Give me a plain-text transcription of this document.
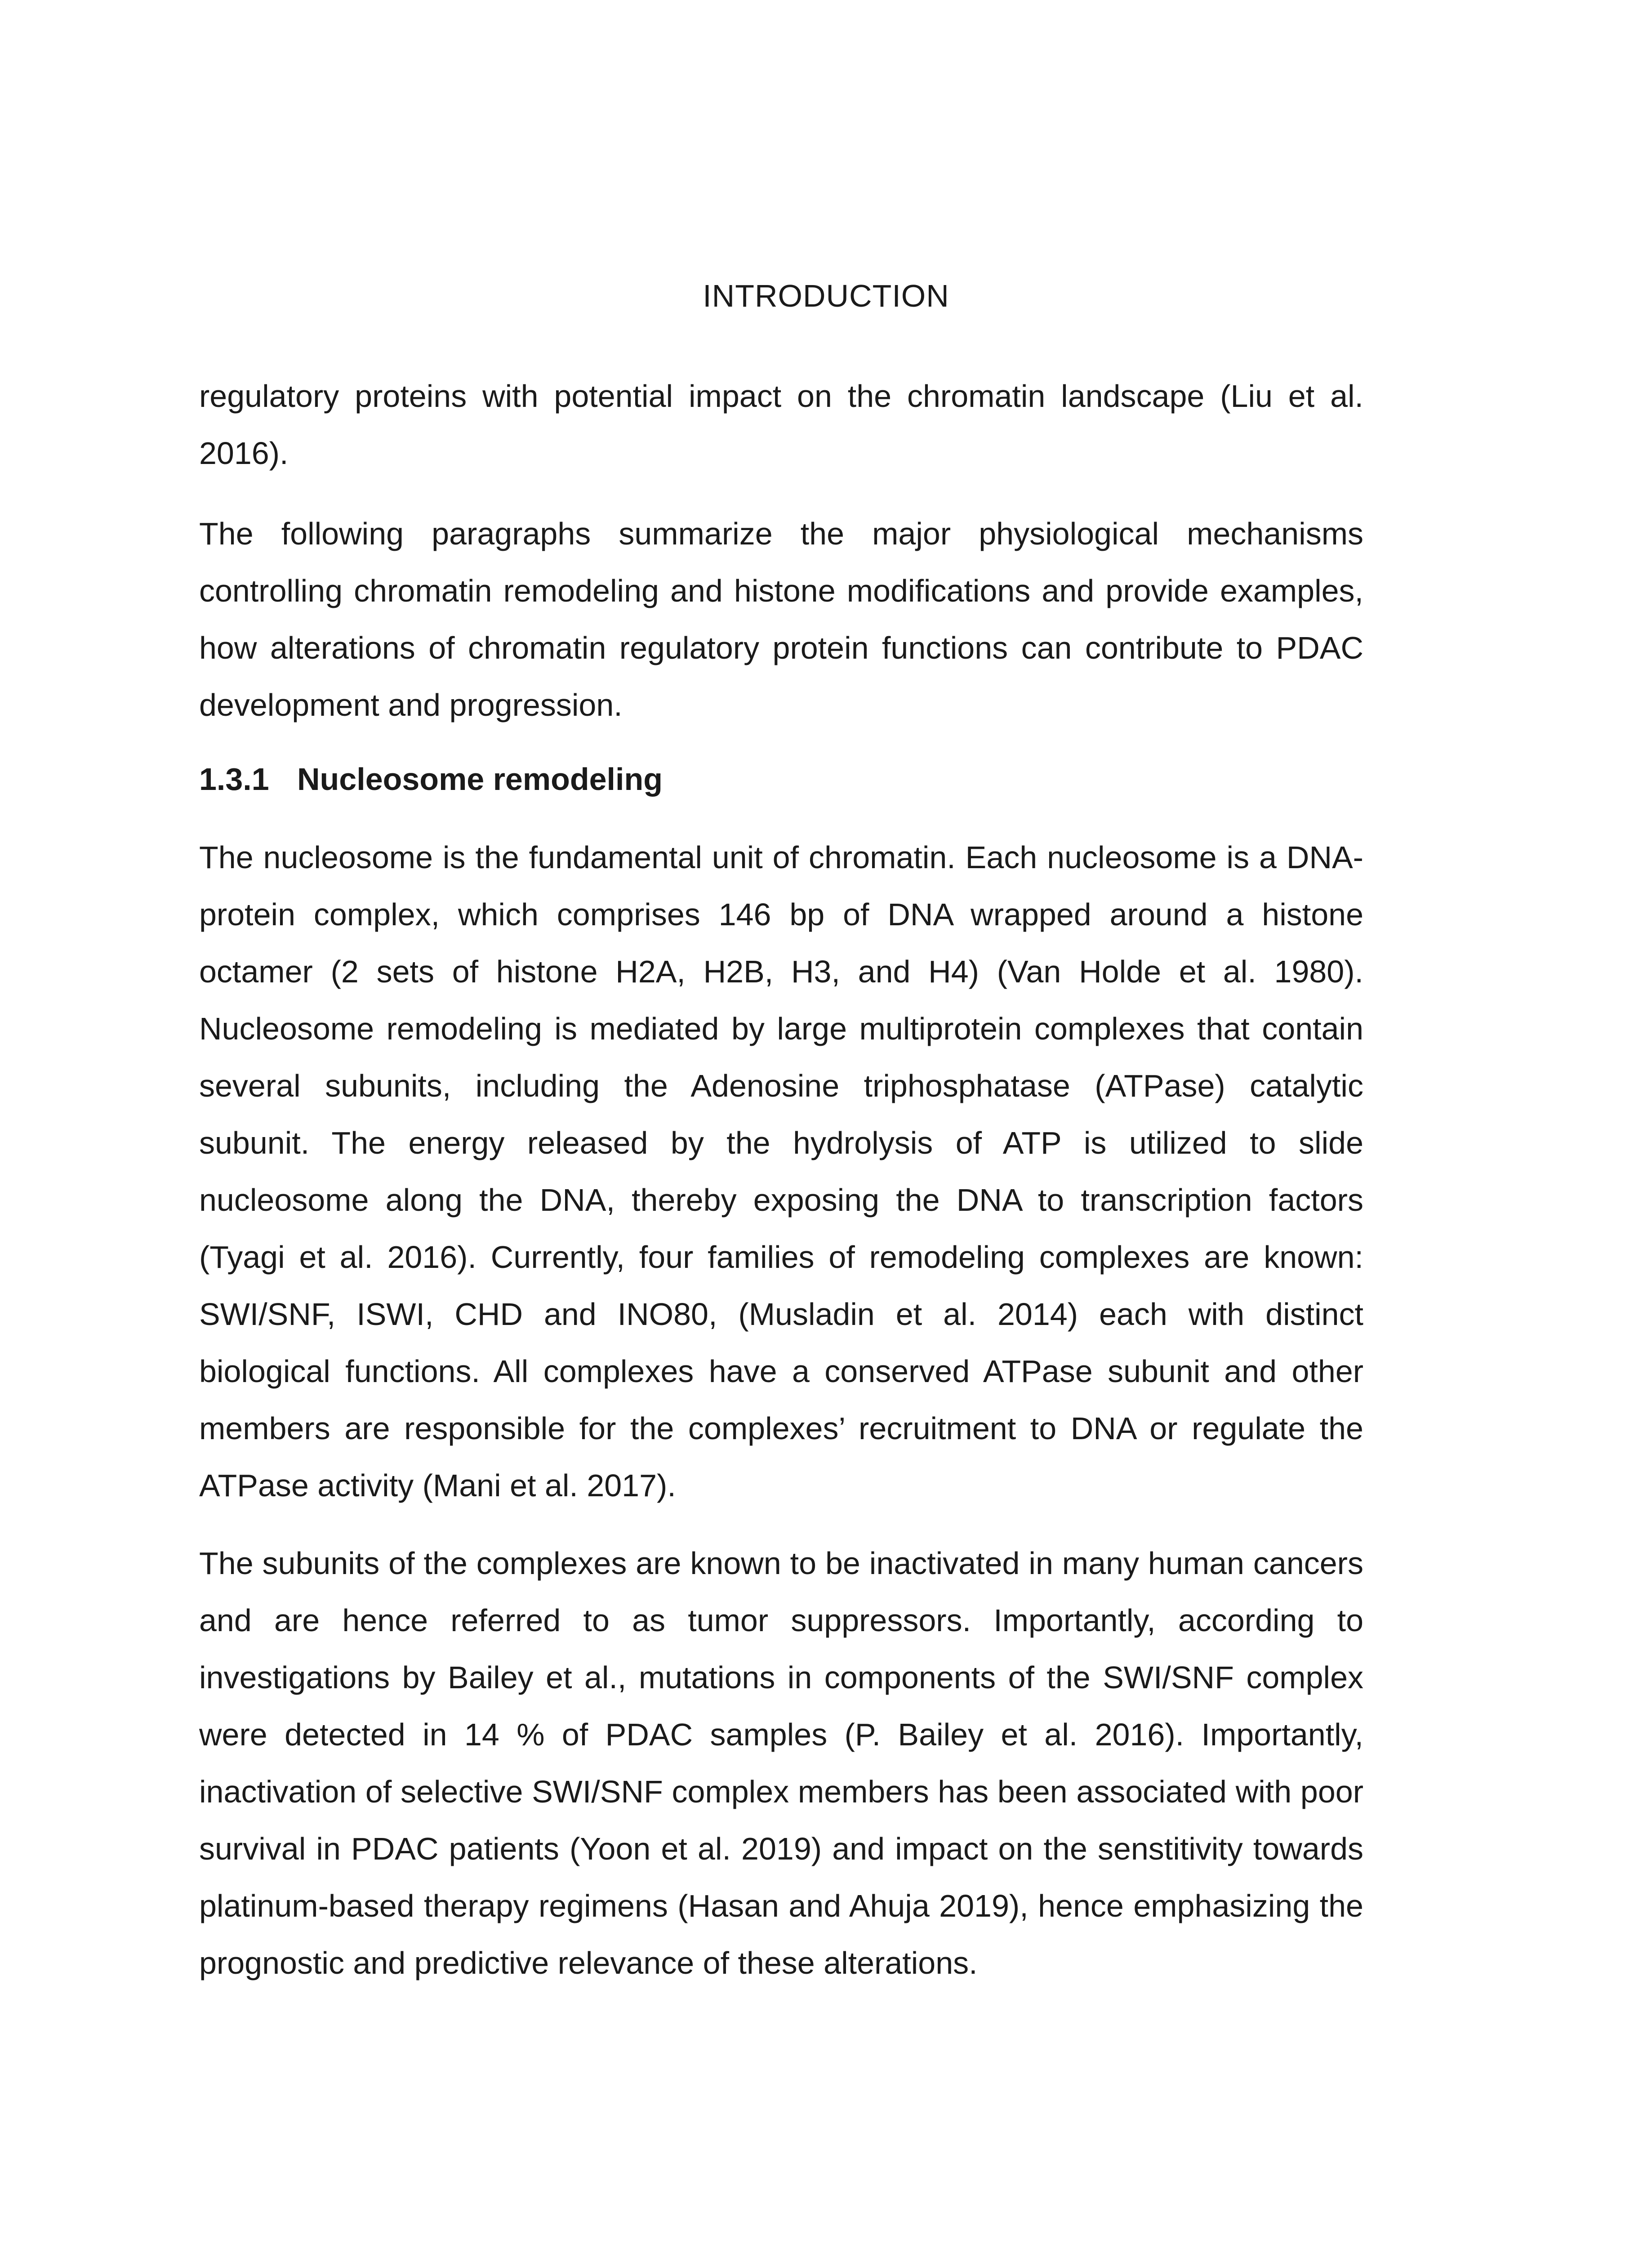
INTRODUCTION

regulatory proteins with potential impact on the chromatin landscape (Liu et al. 2016).

The following paragraphs summarize the major physiological mechanisms controlling chromatin remodeling and histone modifications and provide examples, how alterations of chromatin regulatory protein functions can contribute to PDAC development and progression.

1.3.1 Nucleosome remodeling

The nucleosome is the fundamental unit of chromatin. Each nucleosome is a DNA-protein complex, which comprises 146 bp of DNA wrapped around a histone octamer (2 sets of histone H2A, H2B, H3, and H4) (Van Holde et al. 1980). Nucleosome remodeling is mediated by large multiprotein complexes that contain several subunits, including the Adenosine triphosphatase (ATPase) catalytic subunit. The energy released by the hydrolysis of ATP is utilized to slide nucleosome along the DNA, thereby exposing the DNA to transcription factors (Tyagi et al. 2016). Currently, four families of remodeling complexes are known: SWI/SNF, ISWI, CHD and INO80, (Musladin et al. 2014) each with distinct biological functions. All complexes have a conserved ATPase subunit and other members are responsible for the complexes’ recruitment to DNA or regulate the ATPase activity (Mani et al. 2017).

The subunits of the complexes are known to be inactivated in many human cancers and are hence referred to as tumor suppressors. Importantly, according to investigations by Bailey et al., mutations in components of the SWI/SNF complex were detected in 14 % of PDAC samples (P. Bailey et al. 2016). Importantly, inactivation of selective SWI/SNF complex members has been associated with poor survival in PDAC patients (Yoon et al. 2019) and impact on the senstitivity towards platinum-based therapy regimens (Hasan and Ahuja 2019), hence emphasizing the prognostic and predictive relevance of these alterations.
